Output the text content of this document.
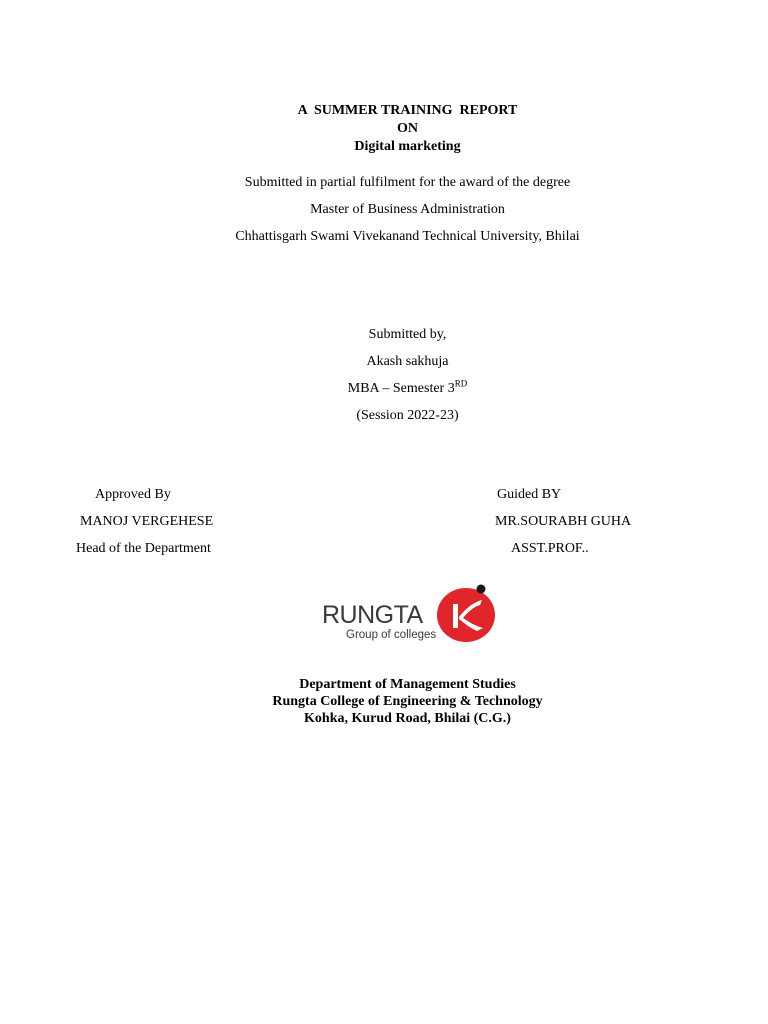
A  SUMMER TRAINING  REPORT
ON
Digital marketing
Submitted in partial fulfilment for the award of the degree
Master of Business Administration
Chhattisgarh Swami Vivekanand Technical University, Bhilai
Submitted by,
Akash sakhuja
MBA – Semester 3RD
(Session 2022-23)
Approved By
MANOJ VERGEHESE
Head of the Department
Guided BY
MR.SOURABH GUHA
ASST.PROF..
RUNGTA
Group of colleges
Department of Management Studies
Rungta College of Engineering & Technology
Kohka, Kurud Road, Bhilai (C.G.)
